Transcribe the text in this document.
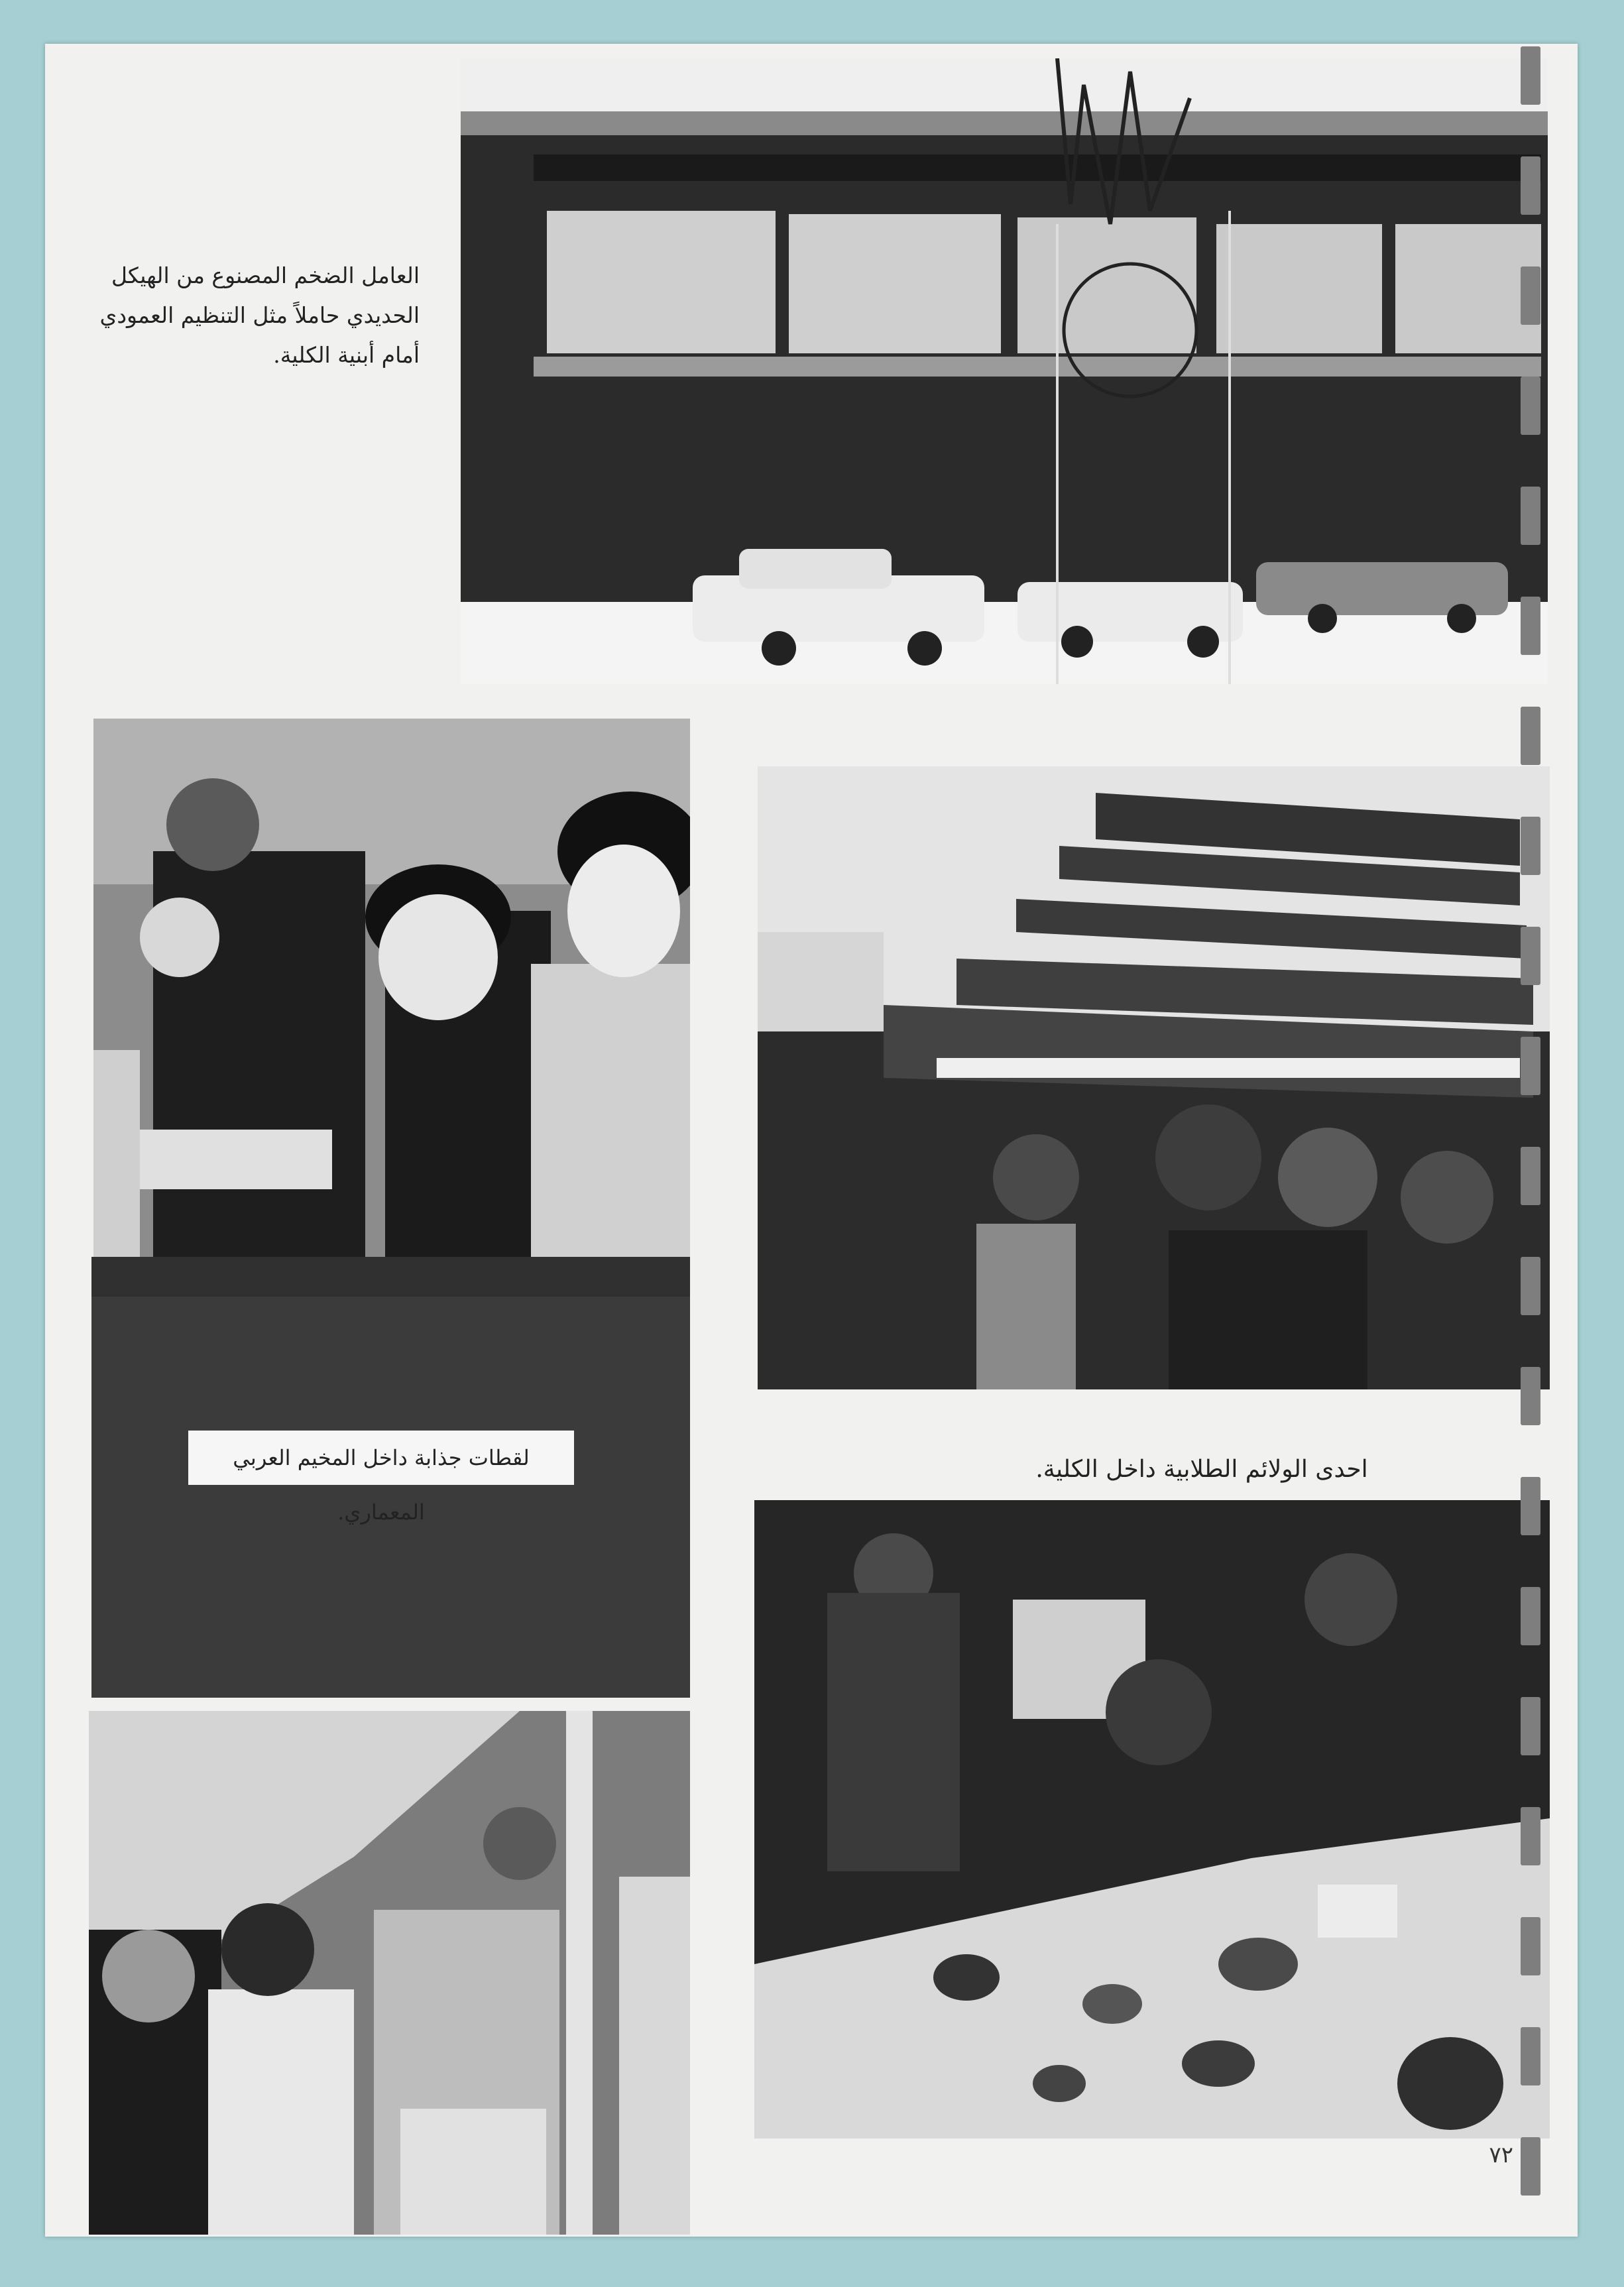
العامل الضخم المصنوع من الهيكل الحديدي حاملاً مثل التنظيم العمودي أمام أبنية الكلية.
لقطات جذابة داخل المخيم العربي المعماري.
احدى الولائم الطلابية داخل الكلية.
٧٢
